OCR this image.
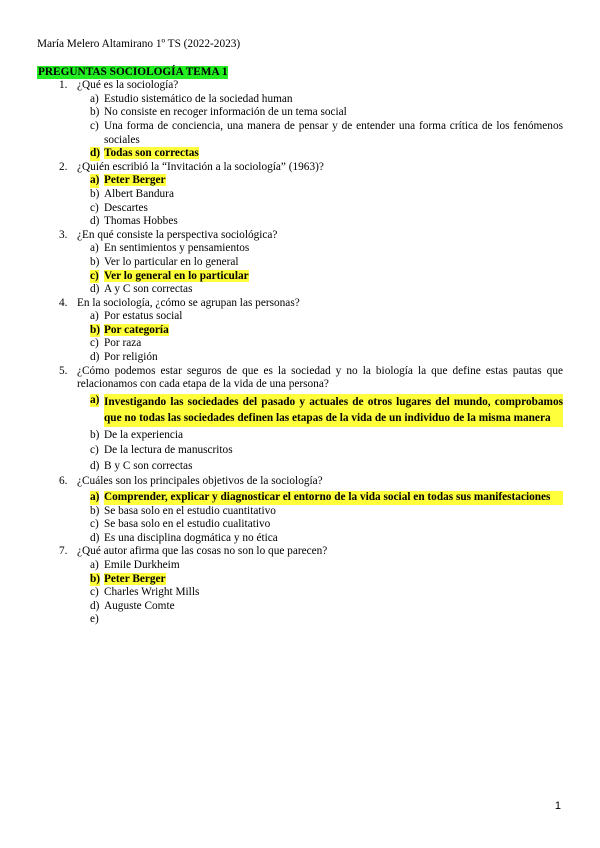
María Melero Altamirano 1º TS (2022-2023)
PREGUNTAS SOCIOLOGÍA TEMA 1
1. ¿Qué es la sociología?
a) Estudio sistemático de la sociedad human
b) No consiste en recoger información de un tema social
c) Una forma de conciencia, una manera de pensar y de entender una forma crítica de los fenómenos sociales
d) Todas son correctas
2. ¿Quién escribió la “Invitación a la sociología” (1963)?
a) Peter Berger
b) Albert Bandura
c) Descartes
d) Thomas Hobbes
3. ¿En qué consiste la perspectiva sociológica?
a) En sentimientos y pensamientos
b) Ver lo particular en lo general
c) Ver lo general en lo particular
d) A y C son correctas
4. En la sociología, ¿cómo se agrupan las personas?
a) Por estatus social
b) Por categoría
c) Por raza
d) Por religión
5. ¿Cómo podemos estar seguros de que es la sociedad y no la biología la que define estas pautas que relacionamos con cada etapa de la vida de una persona?
a) Investigando las sociedades del pasado y actuales de otros lugares del mundo, comprobamos que no todas las sociedades definen las etapas de la vida de un individuo de la misma manera
b) De la experiencia
c) De la lectura de manuscritos
d) B y C son correctas
6. ¿Cuáles son los principales objetivos de la sociología?
a) Comprender, explicar y diagnosticar el entorno de la vida social en todas sus manifestaciones
b) Se basa solo en el estudio cuantitativo
c) Se basa solo en el estudio cualitativo
d) Es una disciplina dogmática y no ética
7. ¿Qué autor afirma que las cosas no son lo que parecen?
a) Emile Durkheim
b) Peter Berger
c) Charles Wright Mills
d) Auguste Comte
e)

1
